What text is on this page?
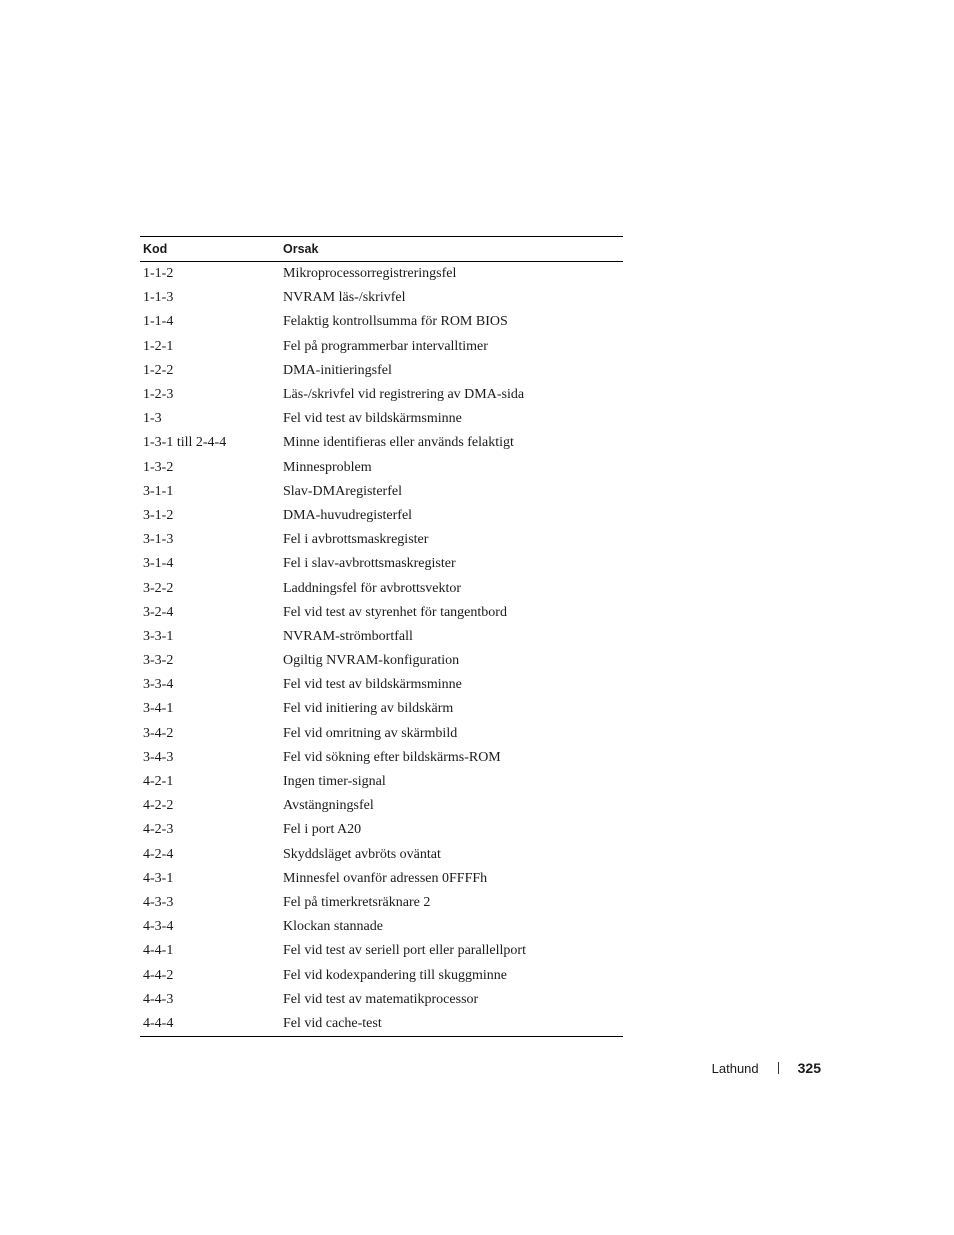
Kod	Orsak
1-1-2	Mikroprocessorregistreringsfel
1-1-3	NVRAM läs-/skrivfel
1-1-4	Felaktig kontrollsumma för ROM BIOS
1-2-1	Fel på programmerbar intervalltimer
1-2-2	DMA-initieringsfel
1-2-3	Läs-/skrivfel vid registrering av DMA-sida
1-3	Fel vid test av bildskärmsminne
1-3-1 till 2-4-4	Minne identifieras eller används felaktigt
1-3-2	Minnesproblem
3-1-1	Slav-DMAregisterfel
3-1-2	DMA-huvudregisterfel
3-1-3	Fel i avbrottsmaskregister
3-1-4	Fel i slav-avbrottsmaskregister
3-2-2	Laddningsfel för avbrottsvektor
3-2-4	Fel vid test av styrenhet för tangentbord
3-3-1	NVRAM-strömbortfall
3-3-2	Ogiltig NVRAM-konfiguration
3-3-4	Fel vid test av bildskärmsminne
3-4-1	Fel vid initiering av bildskärm
3-4-2	Fel vid omritning av skärmbild
3-4-3	Fel vid sökning efter bildskärms-ROM
4-2-1	Ingen timer-signal
4-2-2	Avstängningsfel
4-2-3	Fel i port A20
4-2-4	Skyddsläget avbröts oväntat
4-3-1	Minnesfel ovanför adressen 0FFFFh
4-3-3	Fel på timerkretsräknare 2
4-3-4	Klockan stannade
4-4-1	Fel vid test av seriell port eller parallellport
4-4-2	Fel vid kodexpandering till skuggminne
4-4-3	Fel vid test av matematikprocessor
4-4-4	Fel vid cache-test
Lathund	325
